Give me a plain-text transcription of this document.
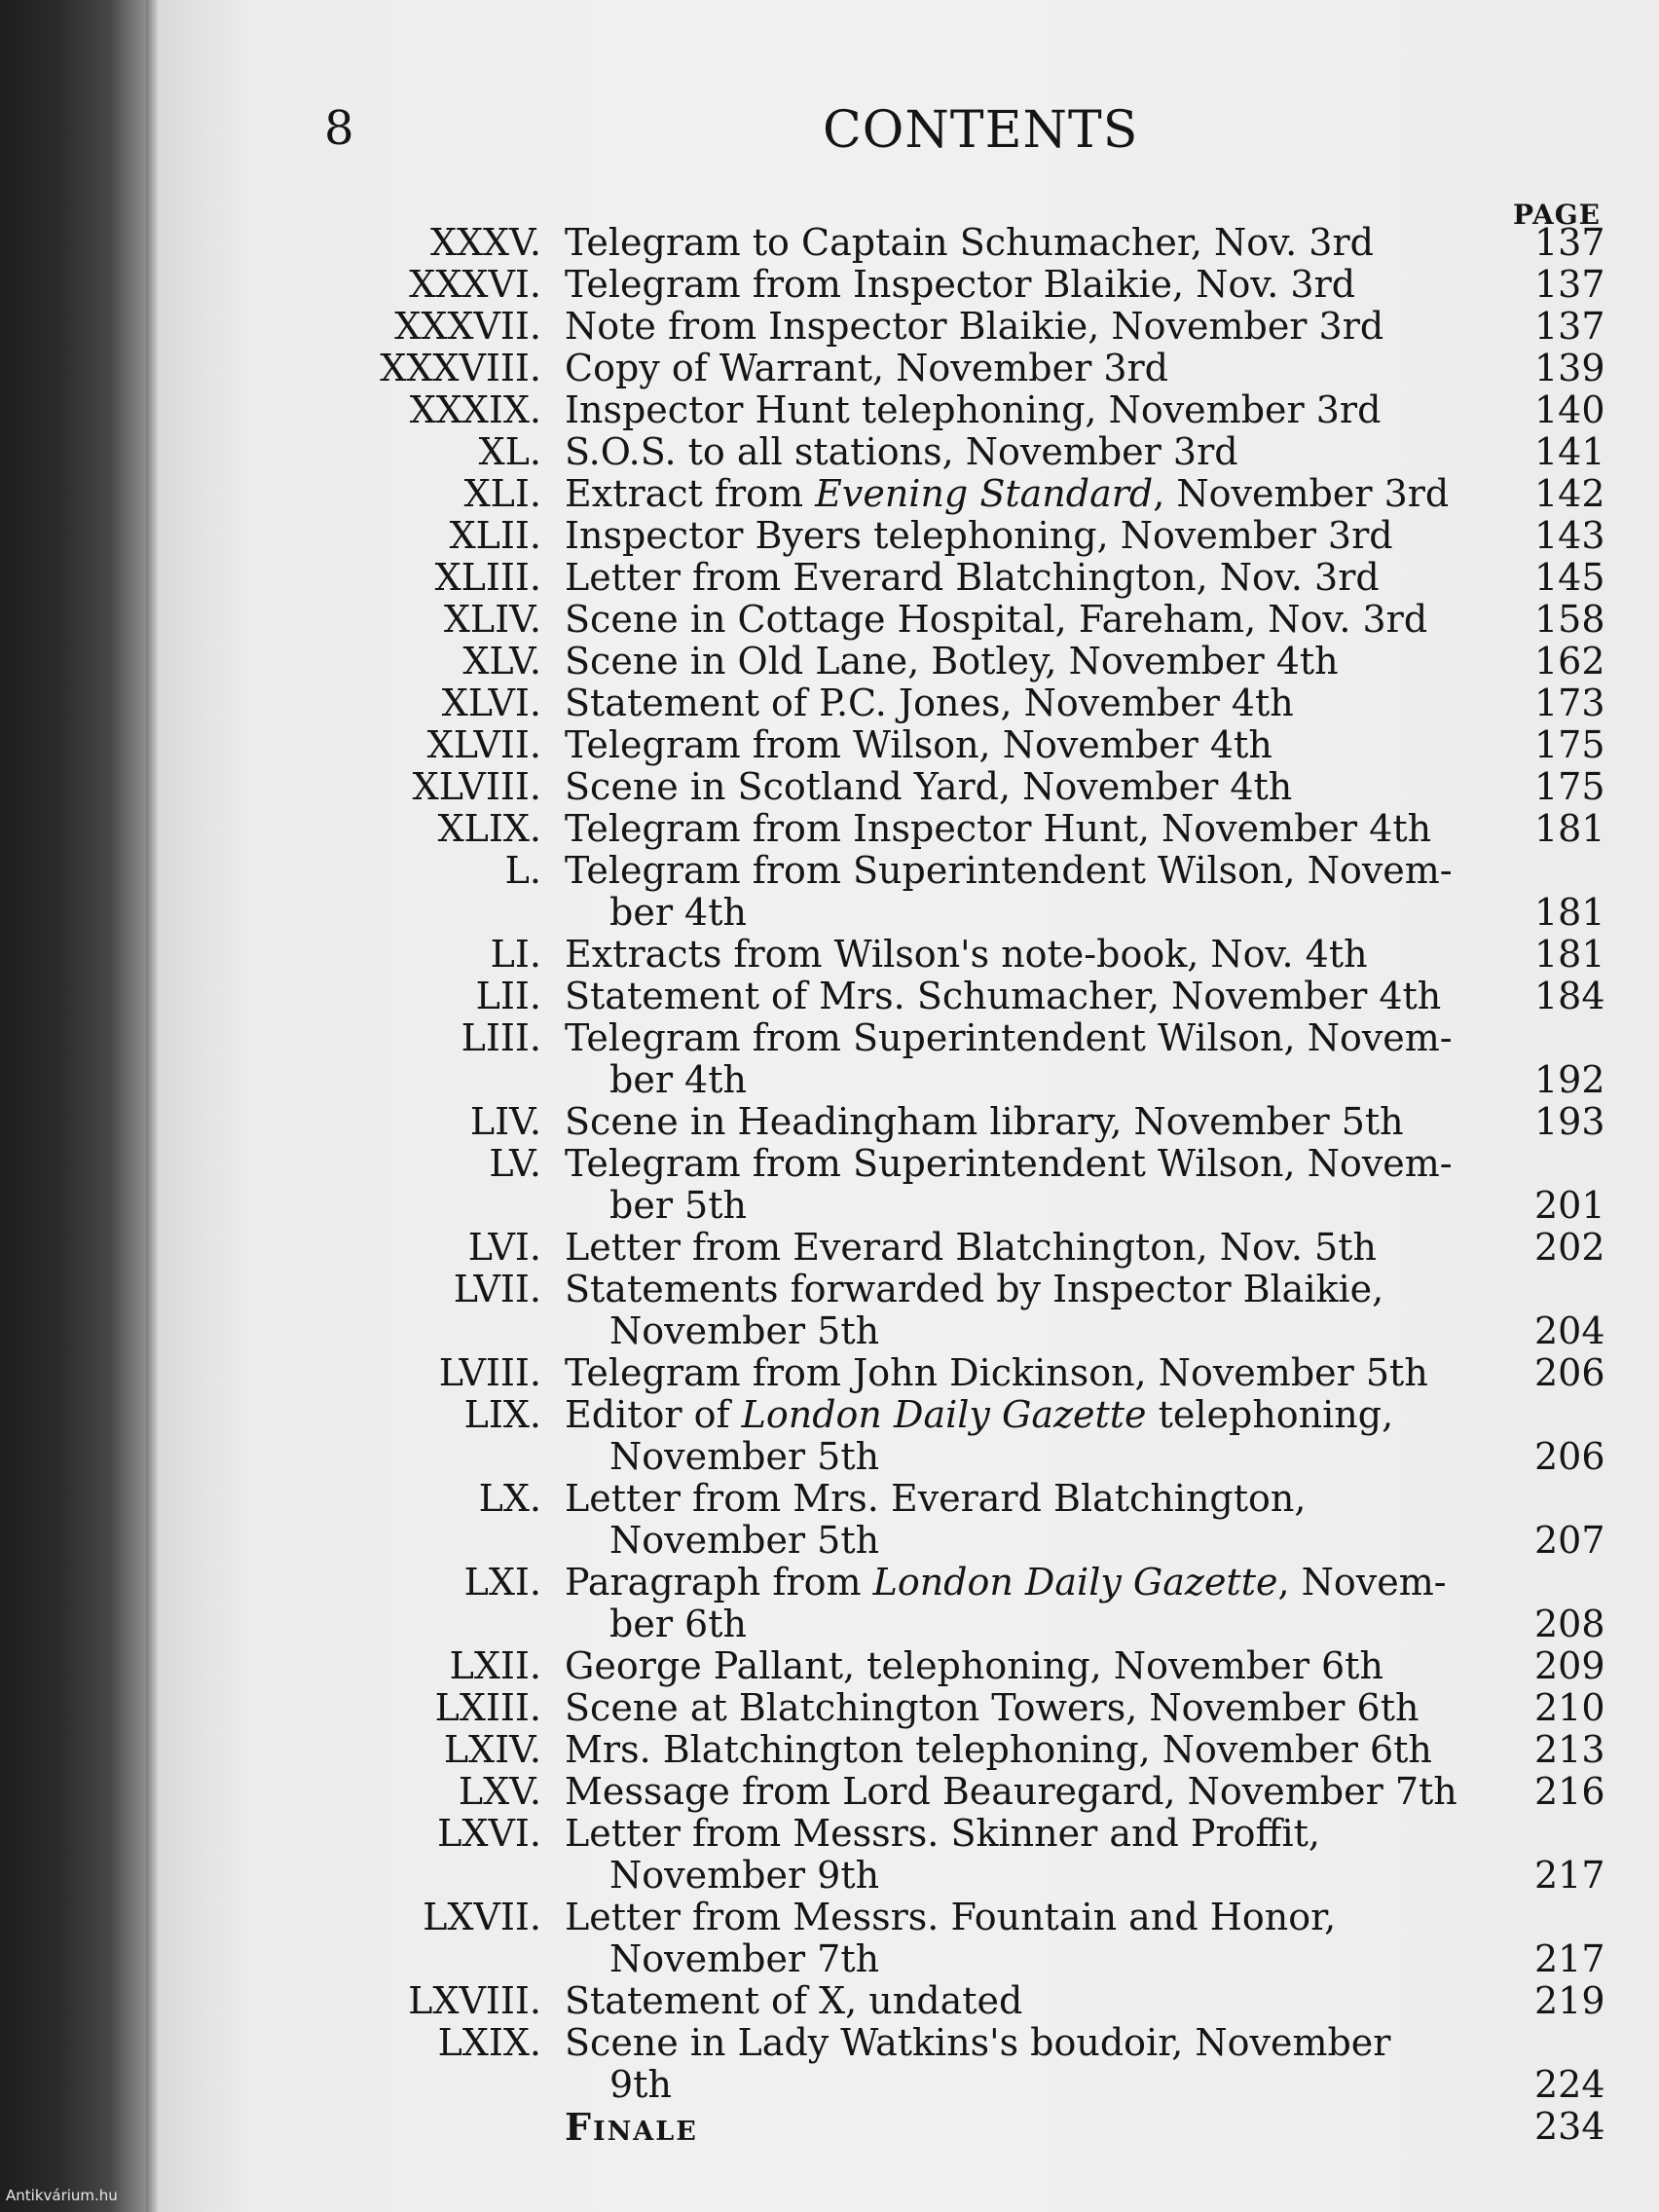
8	CONTENTS
PAGE
XXXV. Telegram to Captain Schumacher, Nov. 3rd	137
XXXVI. Telegram from Inspector Blaikie, Nov. 3rd	137
XXXVII. Note from Inspector Blaikie, November 3rd	137
XXXVIII. Copy of Warrant, November 3rd	139
XXXIX. Inspector Hunt telephoning, November 3rd	140
XL. S.O.S. to all stations, November 3rd	141
XLI. Extract from Evening Standard, November 3rd	142
XLII. Inspector Byers telephoning, November 3rd	143
XLIII. Letter from Everard Blatchington, Nov. 3rd	145
XLIV. Scene in Cottage Hospital, Fareham, Nov. 3rd	158
XLV. Scene in Old Lane, Botley, November 4th	162
XLVI. Statement of P.C. Jones, November 4th	173
XLVII. Telegram from Wilson, November 4th	175
XLVIII. Scene in Scotland Yard, November 4th	175
XLIX. Telegram from Inspector Hunt, November 4th	181
L. Telegram from Superintendent Wilson, Novem-
ber 4th	181
LI. Extracts from Wilson's note-book, Nov. 4th	181
LII. Statement of Mrs. Schumacher, November 4th	184
LIII. Telegram from Superintendent Wilson, Novem-
ber 4th	192
LIV. Scene in Headingham library, November 5th	193
LV. Telegram from Superintendent Wilson, Novem-
ber 5th	201
LVI. Letter from Everard Blatchington, Nov. 5th	202
LVII. Statements forwarded by Inspector Blaikie,
November 5th	204
LVIII. Telegram from John Dickinson, November 5th	206
LIX. Editor of London Daily Gazette telephoning,
November 5th	206
LX. Letter from Mrs. Everard Blatchington,
November 5th	207
LXI. Paragraph from London Daily Gazette, Novem-
ber 6th	208
LXII. George Pallant, telephoning, November 6th	209
LXIII. Scene at Blatchington Towers, November 6th	210
LXIV. Mrs. Blatchington telephoning, November 6th	213
LXV. Message from Lord Beauregard, November 7th	216
LXVI. Letter from Messrs. Skinner and Proffit,
November 9th	217
LXVII. Letter from Messrs. Fountain and Honor,
November 7th	217
LXVIII. Statement of X, undated	219
LXIX. Scene in Lady Watkins's boudoir, November
9th	224
Finale	234
Antikvárium.hu
